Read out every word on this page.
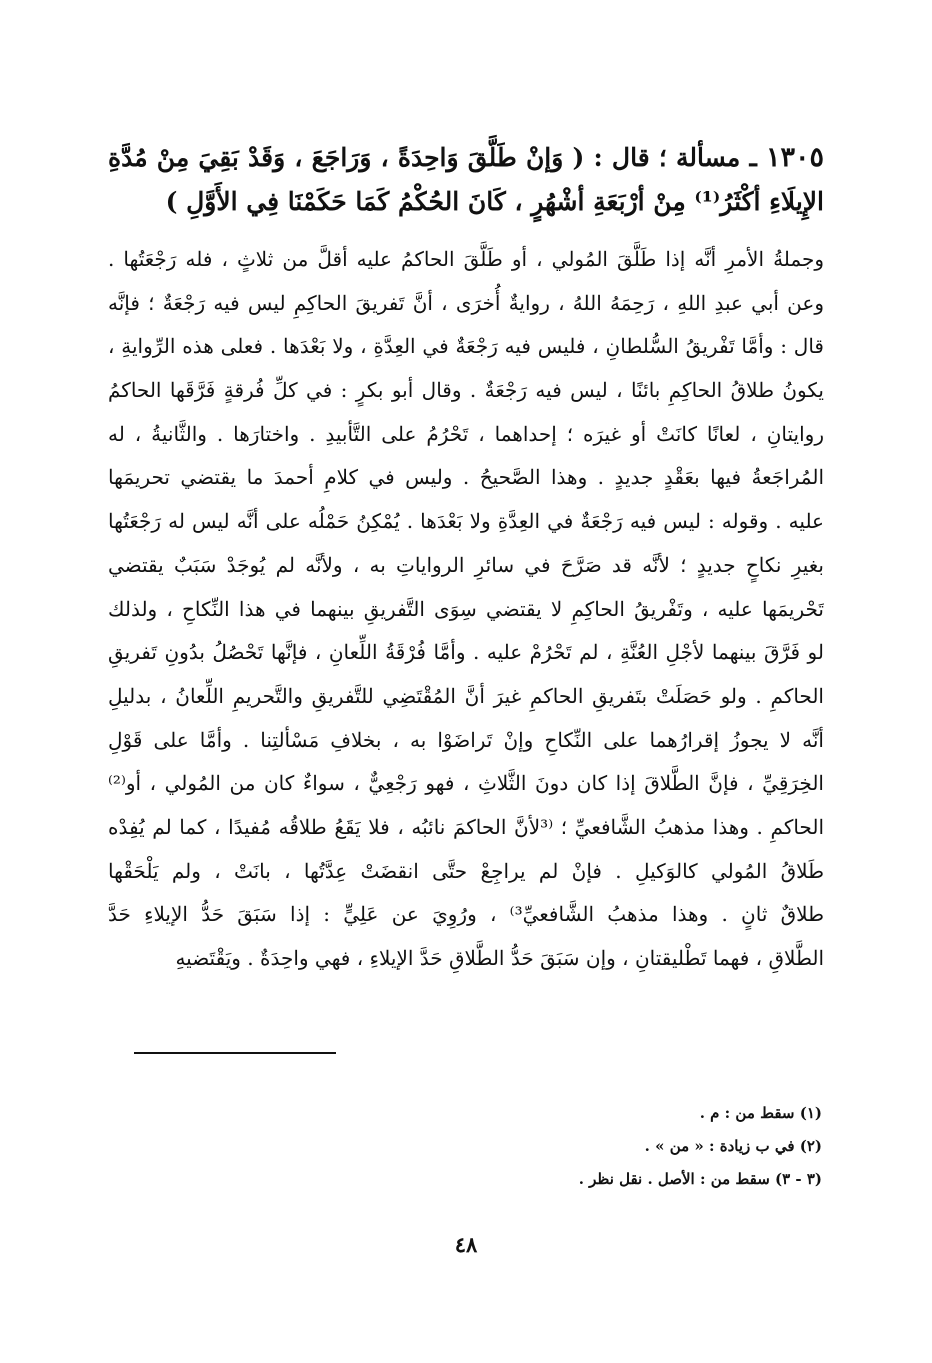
١٣٠٥ ـ مسألة ؛ قال : ( وَإنْ طَلَّقَ وَاحِدَةً ، وَرَاجَعَ ، وَقَدْ بَقِيَ مِنْ مُدَّةِ الإِيلَاءِ أكْثَرُ⁽¹⁾ مِنْ أرْبَعَةِ أشْهُرٍ ، كَانَ الحُكْمُ كَمَا حَكَمْنَا فِي الأَوَّلِ )
وجملةُ الأمرِ أنَّه إذا طَلَّقَ المُولي ، أو طَلَّقَ الحاكمُ عليه أقلَّ من ثلاثٍ ، فله رَجْعَتُها .
وعن أبي عبدِ اللهِ ، رَحِمَهُ اللهُ ، روايةٌ أُخرَى ، أنَّ تَفريقَ الحاكِمِ ليس فيه رَجْعَةٌ ؛ فإنَّه
قال : وأمَّا تَفْريقُ السُّلطانِ ، فليس فيه رَجْعَةٌ في العِدَّةِ ، ولا بَعْدَها . فعلى هذه الرِّوايةِ ،
يكونُ طلاقُ الحاكِمِ بائنًا ، ليس فيه رَجْعَةٌ . وقال أبو بكرٍ : في كلِّ فُرقةٍ فَرَّقَها الحاكمُ
روايتانِ ، لعانًا كانَتْ أو غيرَه ؛ إحداهما ، تَحْرُمُ على التَّأبيدِ . واختارَها . والثَّانيةُ ، له
المُراجَعةُ فيها بعَقْدٍ جديدٍ . وهذا الصَّحيحُ . وليس في كلامِ أحمدَ ما يقتضي تحريمَها
عليه . وقوله : ليس فيه رَجْعَةٌ في العِدَّةِ ولا بَعْدَها . يُمْكِنُ حَمْلُه على أنَّه ليس له رَجْعَتُها
بغيرِ نكاحٍ جديدٍ ؛ لأنَّه قد صَرَّحَ في سائرِ الرواياتِ به ، ولأنَّه لم يُوجَدْ سَبَبٌ يقتضي
تَحْريمَها عليه ، وتَفْريقُ الحاكِمِ لا يقتضي سِوَى التَّفريقِ بينهما في هذا النِّكاحِ ، ولذلك
لو فَرَّقَ بينهما لأجْلِ العُنَّةِ ، لم تَحْرُمْ عليه . وأمَّا فُرْقَةُ اللِّعانِ ، فإنَّها تَحْصُلُ بدُونِ تَفريقِ
الحاكمِ . ولو حَصَلَتْ بتَفريقِ الحاكمِ غيرَ أنَّ المُقْتَضِي للتَّفريقِ والتَّحريمِ اللِّعانُ ، بدليلِ
أنَّه لا يجوزُ إقرارُهما على النِّكاحِ وإنْ تَراضَوْا به ، بخلافِ مَسْألتِنا . وأمَّا على قَوْلِ
الخِرَقِيِّ ، فإنَّ الطَّلاقَ إذا كان دونَ الثَّلاثِ ، فهو رَجْعِيٌّ ، سواءٌ كان من المُولي ، أو⁽²⁾
الحاكمِ . وهذا مذهبُ الشَّافعيِّ ؛ ⁽³لأنَّ الحاكمَ نائبُه ، فلا يَقَعُ طلاقُه مُفيدًا ، كما لم يُفِدْه
طَلاقُ المُولي كالوَكيلِ . فإنْ لم يراجِعْ حتَّى انقضَتْ عِدَّتُها ، بانَتْ ، ولم يَلْحَقْها
طلاقٌ ثانٍ . وهذا مذهبُ الشَّافعيِّ³⁾ ، ورُوِيَ عن عَلِيٍّ : إذا سَبَقَ حَدُّ الإيلاءِ حَدَّ
الطَّلاقِ ، فهما تَطْليقتانِ ، وإن سَبَقَ حَدُّ الطَّلاقِ حَدَّ الإيلاءِ ، فهي واحِدَةٌ . ويَقْتَضيهِ
(١) سقط من : م .
(٢) في ب زيادة : « من » .
(٣ - ٣) سقط من : الأصل . نقل نظر .
٤٨
